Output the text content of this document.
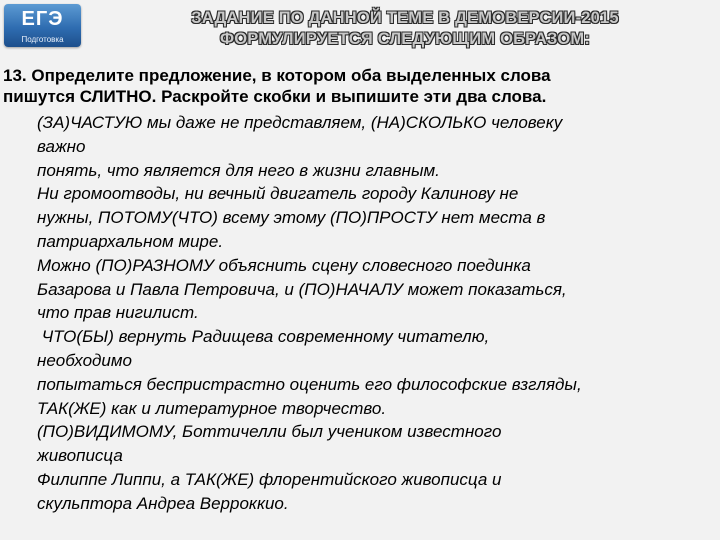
ЕГЭ
Подготовка
ЗАДАНИЕ ПО ДАННОЙ ТЕМЕ В ДЕМОВЕРСИИ-2015
ФОРМУЛИРУЕТСЯ СЛЕДУЮЩИМ ОБРАЗОМ:
13. Определите предложение, в котором оба выделенных слова
пишутся СЛИТНО. Раскройте скобки и выпишите эти два слова.
(ЗА)ЧАСТУЮ мы даже не представляем, (НА)СКОЛЬКО человеку
важно
понять, что является для него в жизни главным.
Ни громоотводы, ни вечный двигатель городу Калинову не
нужны, ПОТОМУ(ЧТО) всему этому (ПО)ПРОСТУ нет места в
патриархальном мире.
Можно (ПО)РАЗНОМУ объяснить сцену словесного поединка
Базарова и Павла Петровича, и (ПО)НАЧАЛУ может показаться,
что прав нигилист.
ЧТО(БЫ) вернуть Радищева современному читателю,
необходимо
попытаться беспристрастно оценить его философские взгляды,
ТАК(ЖЕ) как и литературное творчество.
(ПО)ВИДИМОМУ, Боттичелли был учеником известного
живописца
Филиппе Липпи, а ТАК(ЖЕ) флорентийского живописца и
скульптора Андреа Верроккио.
